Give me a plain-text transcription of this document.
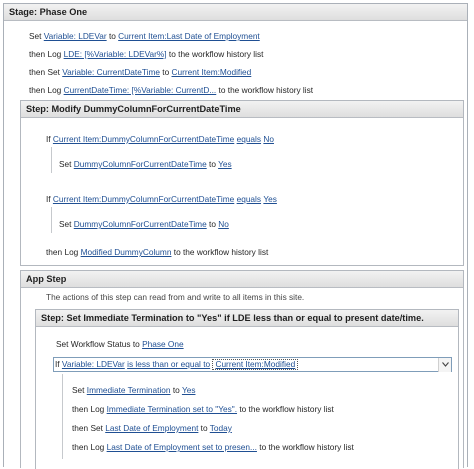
Stage: Phase One
Set Variable: LDEVar to Current Item:Last Date of Employment
then Log LDE: [%Variable: LDEVar%] to the workflow history list
then Set Variable: CurrentDateTime to Current Item:Modified
then Log CurrentDateTime: [%Variable: CurrentD... to the workflow history list
Step: Modify DummyColumnForCurrentDateTime
If Current Item:DummyColumnForCurrentDateTime equals No
Set DummyColumnForCurrentDateTime to Yes
If Current Item:DummyColumnForCurrentDateTime equals Yes
Set DummyColumnForCurrentDateTime to No
then Log Modified DummyColumn to the workflow history list
App Step
The actions of this step can read from and write to all items in this site.
Step: Set Immediate Termination to "Yes" if LDE less than or equal to present date/time.
Set Workflow Status to Phase One
If Variable: LDEVar is less than or equal to Current Item:Modified
Set Immediate Termination to Yes
then Log Immediate Termination set to "Yes". to the workflow history list
then Set Last Date of Employment to Today
then Log Last Date of Employment set to presen... to the workflow history list
